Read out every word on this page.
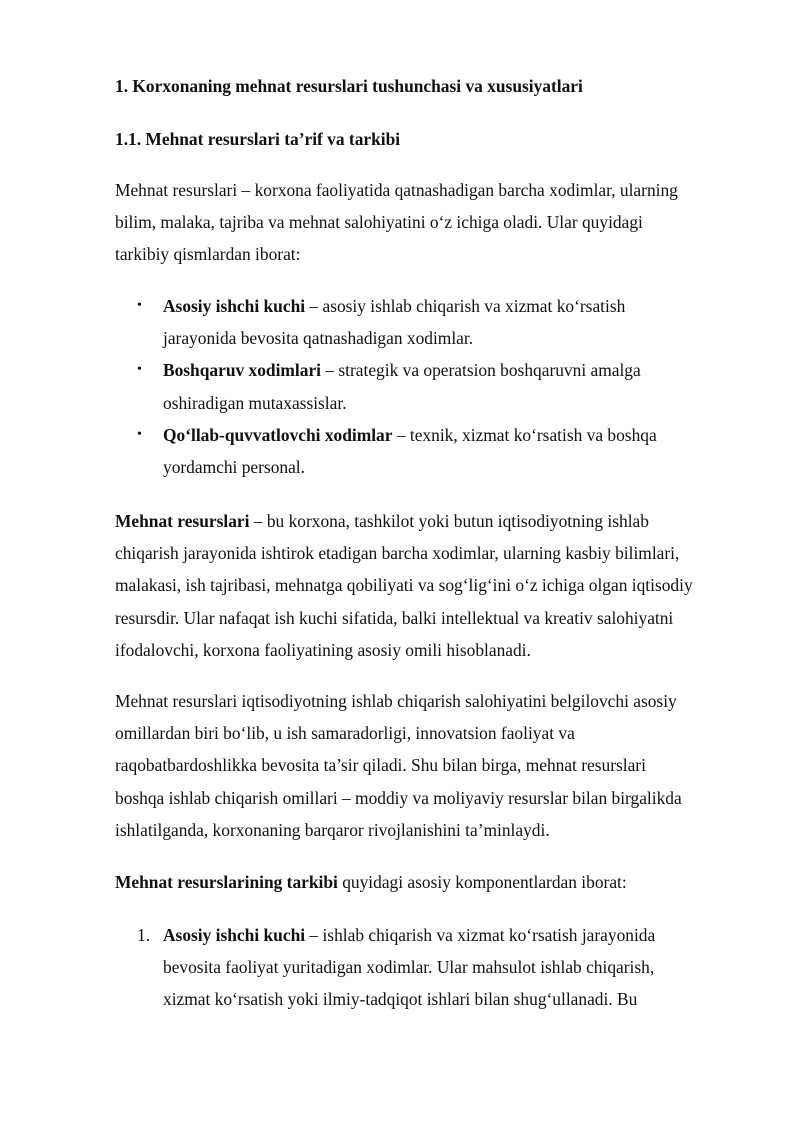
1. Korxonaning mehnat resurslari tushunchasi va xususiyatlari

1.1. Mehnat resurslari ta’rif va tarkibi

Mehnat resurslari – korxona faoliyatida qatnashadigan barcha xodimlar, ularning
bilim, malaka, tajriba va mehnat salohiyatini o‘z ichiga oladi. Ular quyidagi
tarkibiy qismlardan iborat:

• Asosiy ishchi kuchi – asosiy ishlab chiqarish va xizmat ko‘rsatish
jarayonida bevosita qatnashadigan xodimlar.
• Boshqaruv xodimlari – strategik va operatsion boshqaruvni amalga
oshiradigan mutaxassislar.
• Qo‘llab-quvvatlovchi xodimlar – texnik, xizmat ko‘rsatish va boshqa
yordamchi personal.

Mehnat resurslari – bu korxona, tashkilot yoki butun iqtisodiyotning ishlab
chiqarish jarayonida ishtirok etadigan barcha xodimlar, ularning kasbiy bilimlari,
malakasi, ish tajribasi, mehnatga qobiliyati va sog‘lig‘ini o‘z ichiga olgan iqtisodiy
resursdir. Ular nafaqat ish kuchi sifatida, balki intellektual va kreativ salohiyatni
ifodalovchi, korxona faoliyatining asosiy omili hisoblanadi.

Mehnat resurslari iqtisodiyotning ishlab chiqarish salohiyatini belgilovchi asosiy
omillardan biri bo‘lib, u ish samaradorligi, innovatsion faoliyat va
raqobatbardoshlikka bevosita ta’sir qiladi. Shu bilan birga, mehnat resurslari
boshqa ishlab chiqarish omillari – moddiy va moliyaviy resurslar bilan birgalikda
ishlatilganda, korxonaning barqaror rivojlanishini ta’minlaydi.

Mehnat resurslarining tarkibi quyidagi asosiy komponentlardan iborat:

1. Asosiy ishchi kuchi – ishlab chiqarish va xizmat ko‘rsatish jarayonida
bevosita faoliyat yuritadigan xodimlar. Ular mahsulot ishlab chiqarish,
xizmat ko‘rsatish yoki ilmiy-tadqiqot ishlari bilan shug‘ullanadi. Bu
